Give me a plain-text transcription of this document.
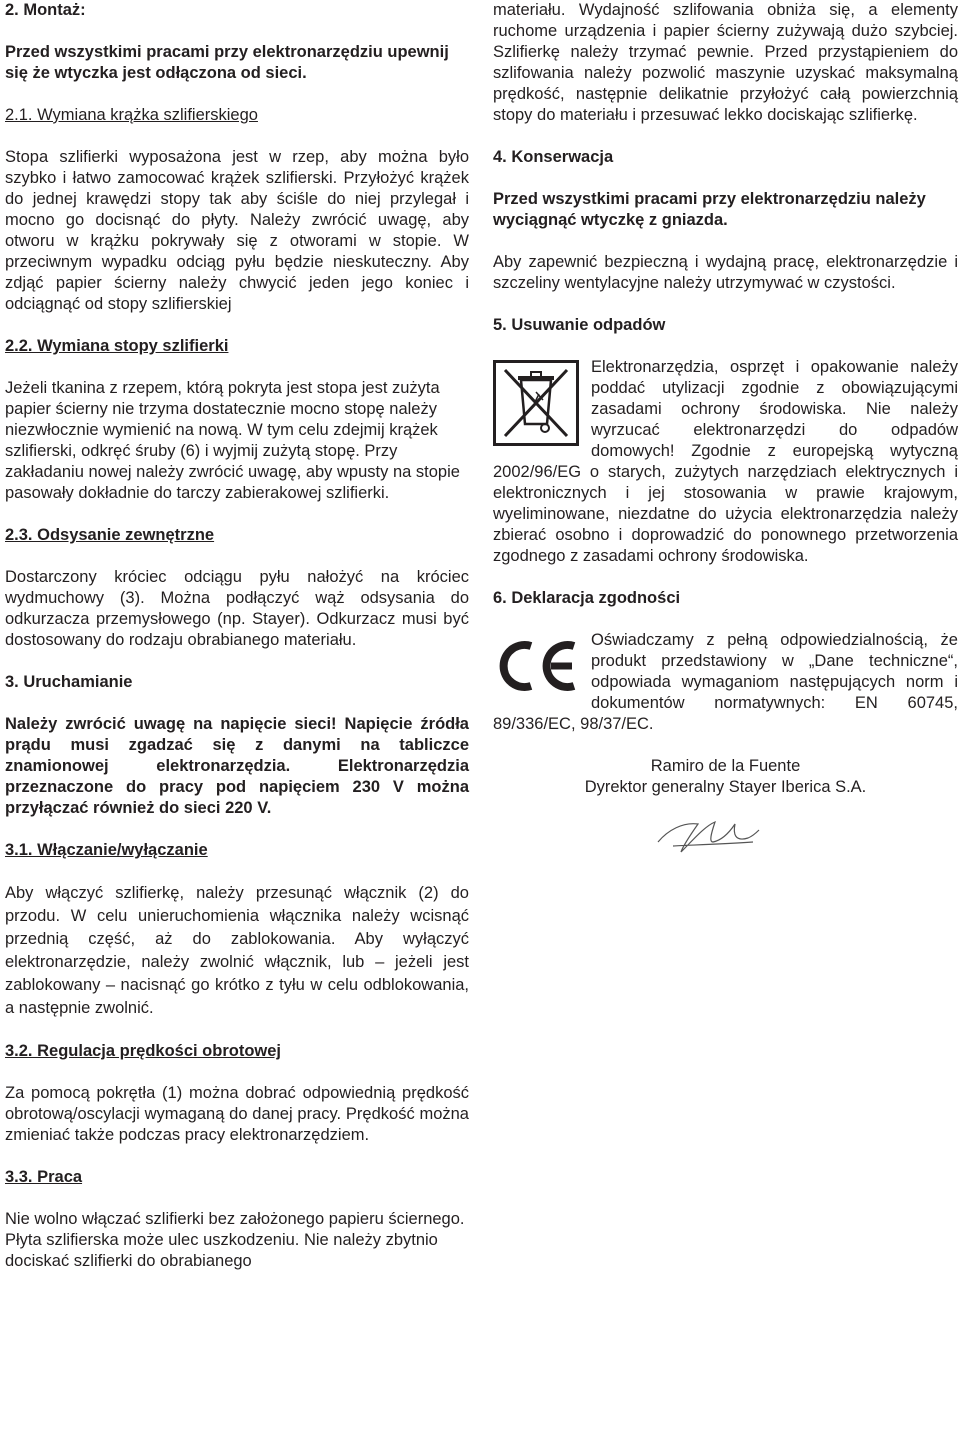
2. Montaż:

Przed wszystkimi pracami przy elektronarzędziu upewnij się że wtyczka jest odłączona od sieci.

2.1. Wymiana krążka szlifierskiego

Stopa szlifierki wyposażona jest w rzep, aby można było szybko i łatwo zamocować krążek szlifierski. Przyłożyć krążek do jednej krawędzi stopy tak aby ściśle do niej przylegał i mocno go docisnąć do płyty. Należy zwrócić uwagę, aby otworu w krążku pokrywały się z otworami w stopie. W przeciwnym wypadku odciąg pyłu będzie nieskuteczny. Aby zdjąć papier ścierny należy chwycić jeden jego koniec i odciągnąć od stopy szlifierskiej

2.2. Wymiana stopy szlifierki

Jeżeli tkanina z rzepem, którą pokryta jest stopa jest zużyta papier ścierny nie trzyma dostatecznie mocno stopę należy niezwłocznie wymienić na nową. W tym celu zdejmij krążek szlifierski, odkręć śruby (6) i wyjmij zużytą stopę. Przy zakładaniu nowej należy zwrócić uwagę, aby wpusty na stopie pasowały dokładnie do tarczy zabierakowej szlifierki.

2.3. Odsysanie zewnętrzne

Dostarczony króciec odciągu pyłu nałożyć na króciec wydmuchowy (3). Można podłączyć wąż odsysania do odkurzacza przemysłowego (np. Stayer). Odkurzacz musi być dostosowany do rodzaju obrabianego materiału.

3. Uruchamianie

Należy zwrócić uwagę na napięcie sieci! Napięcie źródła prądu musi zgadzać się z danymi na tabliczce znamionowej elektronarzędzia. Elektronarzędzia przeznaczone do pracy pod napięciem 230 V można przyłączać również do sieci 220 V.

3.1. Włączanie/wyłączanie

Aby włączyć szlifierkę, należy przesunąć włącznik (2) do przodu. W celu unieruchomienia włącznika należy wcisnąć przednią część, aż do zablokowania. Aby wyłączyć elektronarzędzie, należy zwolnić włącznik, lub – jeżeli jest zablokowany – nacisnąć go krótko z tyłu w celu odblokowania, a następnie zwolnić.

3.2. Regulacja prędkości obrotowej

Za pomocą pokrętła (1) można dobrać odpowiednią prędkość obrotową/oscylacji wymaganą do danej pracy. Prędkość można zmieniać także podczas pracy elektronarzędziem.

3.3. Praca

Nie wolno włączać szlifierki bez założonego papieru ściernego. Płyta szlifierska może ulec uszkodzeniu. Nie należy zbytnio dociskać szlifierki do obrabianego

materiału. Wydajność szlifowania obniża się, a elementy ruchome urządzenia i papier ścierny zużywają dużo szybciej. Szlifierkę należy trzymać pewnie. Przed przystąpieniem do szlifowania należy pozwolić maszynie uzyskać maksymalną prędkość, następnie delikatnie przyłożyć całą powierzchnią stopy do materiału i przesuwać lekko dociskając szlifierkę.

4. Konserwacja

Przed wszystkimi pracami przy elektronarzędziu należy wyciągnąć wtyczkę z gniazda.

Aby zapewnić bezpieczną i wydajną pracę, elektronarzędzie i szczeliny wentylacyjne należy utrzymywać w czystości.

5. Usuwanie odpadów

Elektronarzędzia, osprzęt i opakowanie należy poddać utylizacji zgodnie z obowiązującymi zasadami ochrony środowiska. Nie należy wyrzucać elektronarzędzi do odpadów domowych! Zgodnie z europejską wytyczną 2002/96/EG o starych, zużytych narzędziach elektrycznych i elektronicznych i jej stosowania w prawie krajowym, wyeliminowane, niezdatne do użycia elektronarzędzia należy zbierać osobno i doprowadzić do ponownego przetworzenia zgodnego z zasadami ochrony środowiska.

6. Deklaracja zgodności

Oświadczamy z pełną odpowiedzialnością, że produkt przedstawiony w „Dane techniczne“, odpowiada wymaganiom następujących norm i dokumentów normatywnych: EN 60745, 89/336/EC, 98/37/EC.

Ramiro de la Fuente

Dyrektor generalny Stayer Iberica S.A.
